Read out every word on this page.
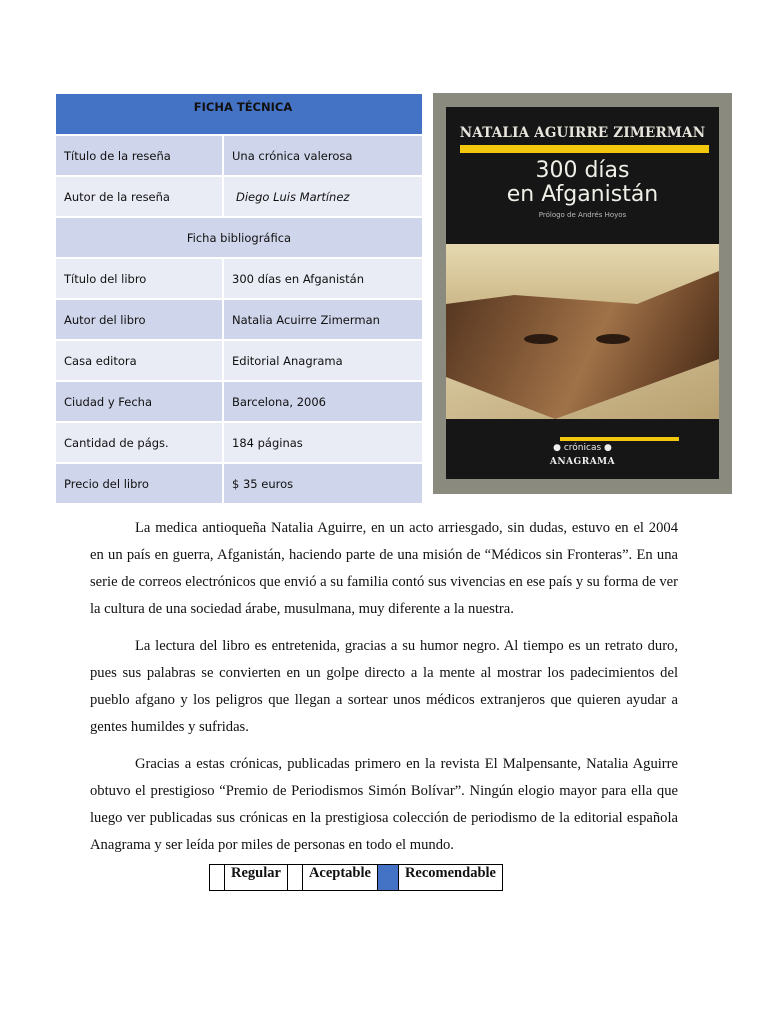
FICHA TÉCNICA	
Título de la reseña	Una crónica valerosa
Autor de la reseña	Diego Luis Martínez
Ficha bibliográfica	
Título del libro	300 días en Afganistán
Autor del libro	Natalia Acuirre Zimerman
Casa editora	Editorial Anagrama
Ciudad y Fecha	Barcelona, 2006
Cantidad de págs.	184 páginas
Precio del libro	$ 35 euros
NATALIA AGUIRRE ZIMERMAN
300 días
en Afganistán
Prólogo de Andrés Hoyos
● crónicas ●
ANAGRAMA

La medica antioqueña Natalia Aguirre, en un acto arriesgado, sin dudas, estuvo en el 2004 en un país en guerra, Afganistán, haciendo parte de una misión de “Médicos sin Fronteras”. En una serie de correos electrónicos que envió a su familia contó sus vivencias en ese país y su forma de ver la cultura de una sociedad árabe, musulmana, muy diferente a la nuestra.

La lectura del libro es entretenida, gracias a su humor negro. Al tiempo es un retrato duro, pues sus palabras se convierten en un golpe directo a la mente al mostrar los padecimientos del pueblo afgano y los peligros que llegan a sortear unos médicos extranjeros que quieren ayudar a gentes humildes y sufridas.

Gracias a estas crónicas, publicadas primero en la revista El Malpensante, Natalia Aguirre obtuvo el prestigioso “Premio de Periodismos Simón Bolívar”. Ningún elogio mayor para ella que luego ver publicadas sus crónicas en la prestigiosa colección de periodismo de la editorial española Anagrama y ser leída por miles de personas en todo el mundo.

	Regular		Aceptable		Recomendable
